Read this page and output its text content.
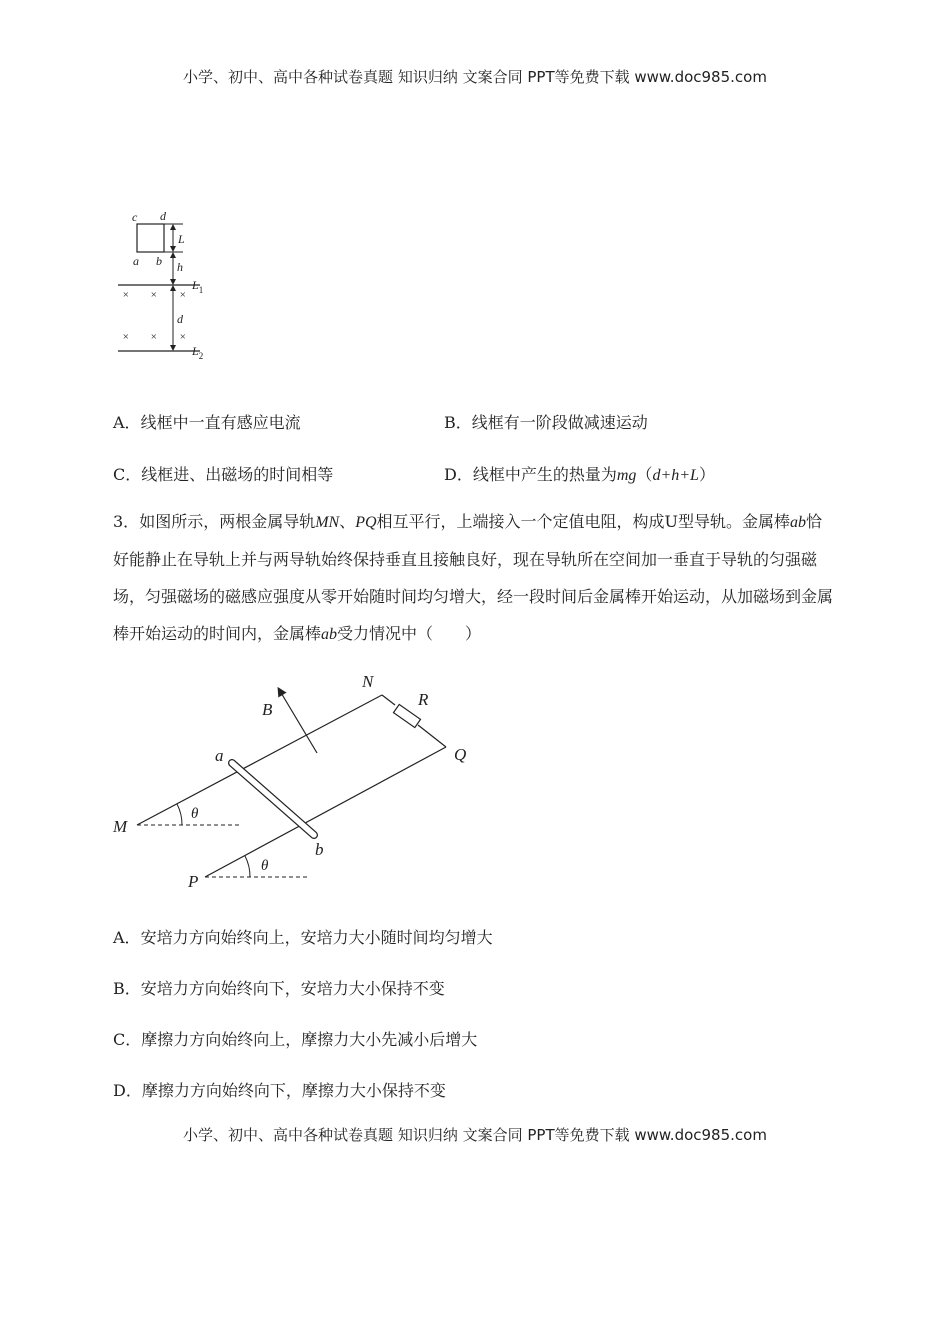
小学、初中、高中各种试卷真题 知识归纳 文案合同 PPT等免费下载 www.doc985.com
c d
a b
L
h
$L_1$
× × ×
× × ×
d
$L_2$
A．线框中一直有感应电流	B．线框有一阶段做减速运动
C．线框进、出磁场的时间相等	D．线框中产生的热量为mg（d+h+L）
3．如图所示，两根金属导轨MN、PQ相互平行，上端接入一个定值电阻，构成U型导轨。金属棒ab恰好能静止在导轨上并与两导轨始终保持垂直且接触良好，现在导轨所在空间加一垂直于导轨的匀强磁场，匀强磁场的磁感应强度从零开始随时间均匀增大，经一段时间后金属棒开始运动，从加磁场到金属棒开始运动的时间内，金属棒ab受力情况中（　　）
N
R
B
Q
a
M
θ
b
P
θ
A．安培力方向始终向上，安培力大小随时间均匀增大
B．安培力方向始终向下，安培力大小保持不变
C．摩擦力方向始终向上，摩擦力大小先减小后增大
D．摩擦力方向始终向下，摩擦力大小保持不变
小学、初中、高中各种试卷真题 知识归纳 文案合同 PPT等免费下载 www.doc985.com
